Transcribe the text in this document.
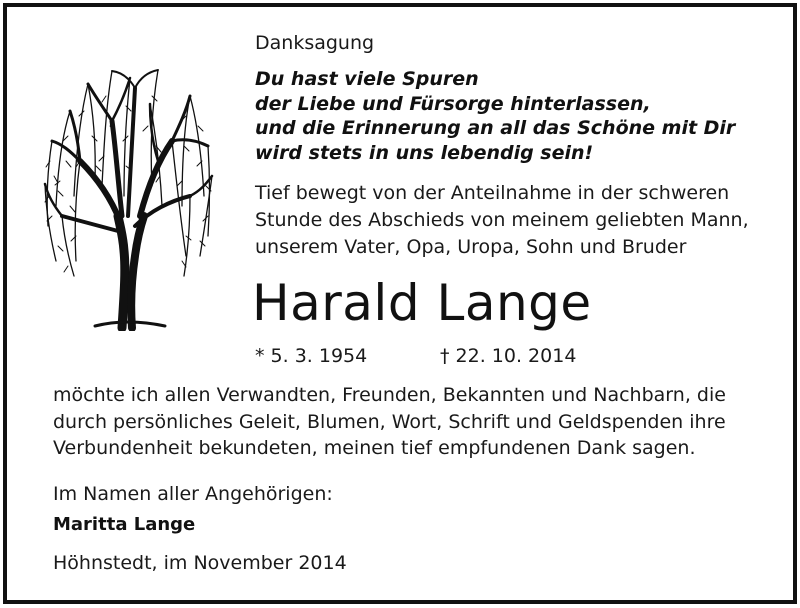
Danksagung
Du hast viele Spuren
der Liebe und Fürsorge hinterlassen,
und die Erinnerung an all das Schöne mit Dir
wird stets in uns lebendig sein!
Tief bewegt von der Anteilnahme in der schweren
Stunde des Abschieds von meinem geliebten Mann,
unserem Vater, Opa, Uropa, Sohn und Bruder
Harald Lange
* 5. 3. 1954	† 22. 10. 2014
möchte ich allen Verwandten, Freunden, Bekannten und Nachbarn, die
durch persönliches Geleit, Blumen, Wort, Schrift und Geldspenden ihre
Verbundenheit bekundeten, meinen tief empfundenen Dank sagen.
Im Namen aller Angehörigen:
Maritta Lange
Höhnstedt, im November 2014
